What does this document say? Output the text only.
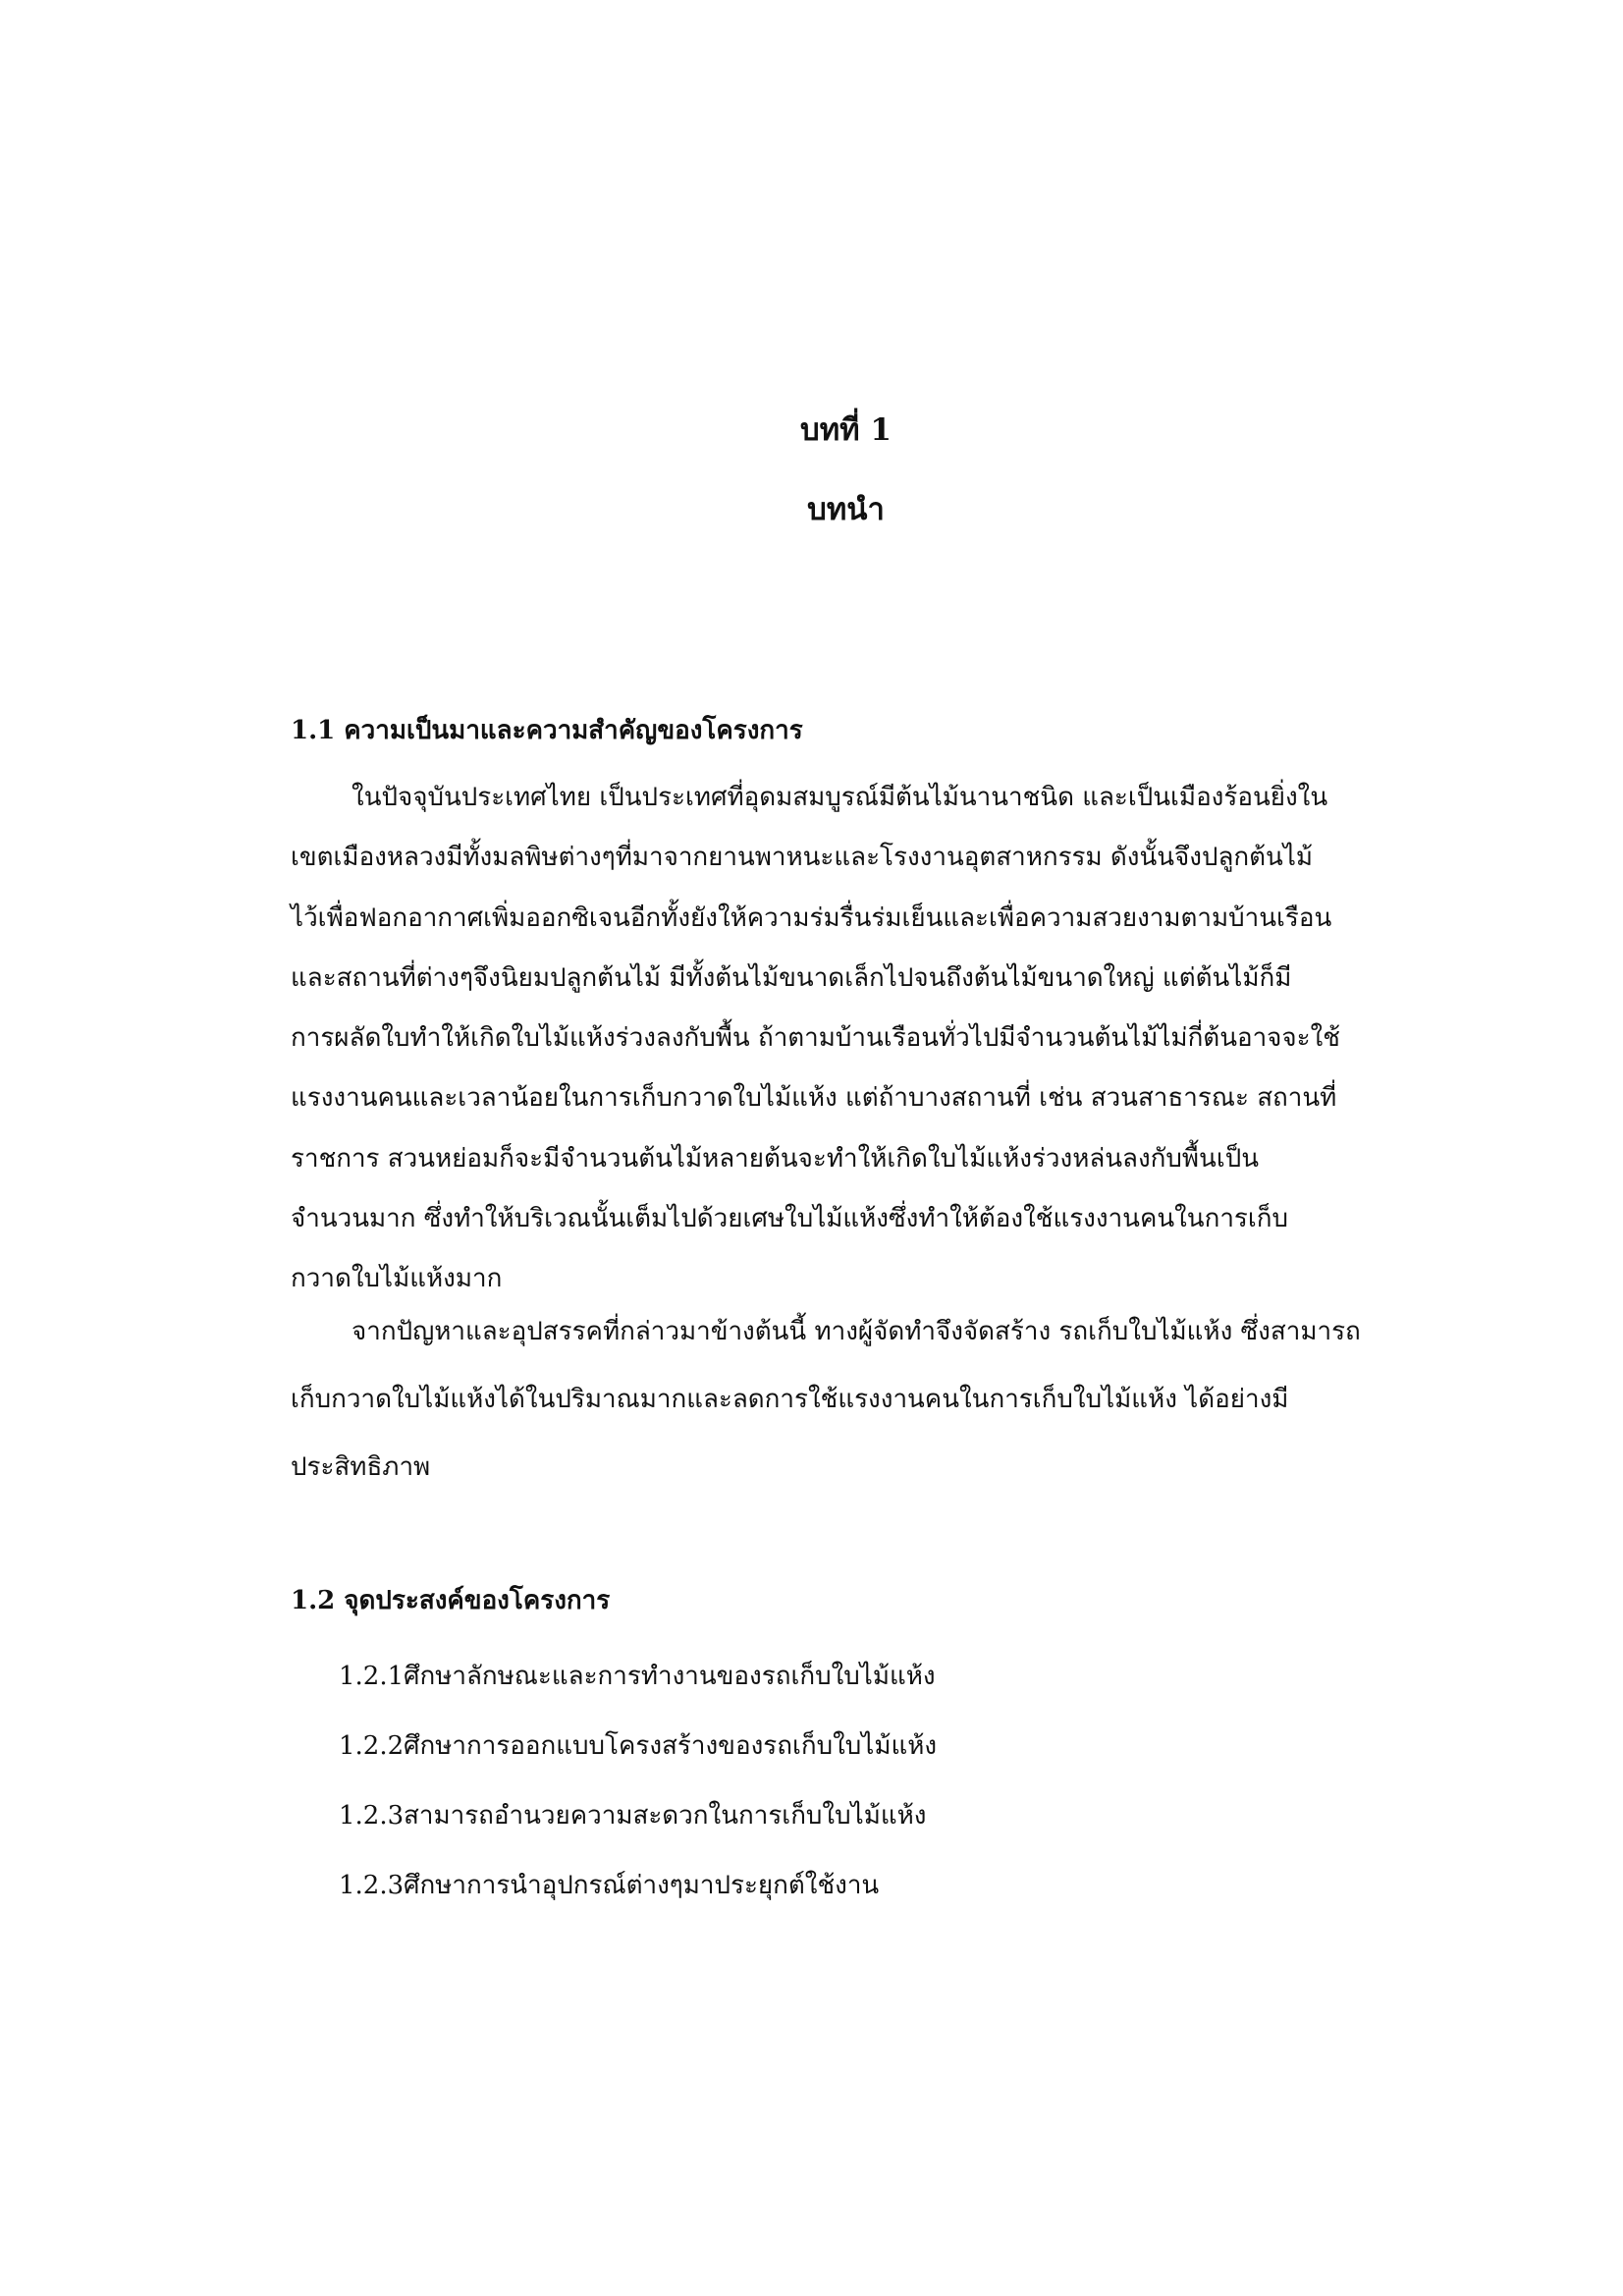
บทที่ 1
บทนำ
1.1 ความเป็นมาและความสำคัญของโครงการ
ในปัจจุบันประเทศไทย เป็นประเทศที่อุดมสมบูรณ์มีต้นไม้นานาชนิด และเป็นเมืองร้อนยิ่งใน
เขตเมืองหลวงมีทั้งมลพิษต่างๆที่มาจากยานพาหนะและโรงงานอุตสาหกรรม ดังนั้นจึงปลูกต้นไม้
ไว้เพื่อฟอกอากาศเพิ่มออกซิเจนอีกทั้งยังให้ความร่มรื่นร่มเย็นและเพื่อความสวยงามตามบ้านเรือน
และสถานที่ต่างๆจึงนิยมปลูกต้นไม้ มีทั้งต้นไม้ขนาดเล็กไปจนถึงต้นไม้ขนาดใหญ่ แต่ต้นไม้ก็มี
การผลัดใบทำให้เกิดใบไม้แห้งร่วงลงกับพื้น ถ้าตามบ้านเรือนทั่วไปมีจำนวนต้นไม้ไม่กี่ต้นอาจจะใช้
แรงงานคนและเวลาน้อยในการเก็บกวาดใบไม้แห้ง แต่ถ้าบางสถานที่ เช่น สวนสาธารณะ สถานที่
ราชการ สวนหย่อมก็จะมีจำนวนต้นไม้หลายต้นจะทำให้เกิดใบไม้แห้งร่วงหล่นลงกับพื้นเป็น
จำนวนมาก ซึ่งทำให้บริเวณนั้นเต็มไปด้วยเศษใบไม้แห้งซึ่งทำให้ต้องใช้แรงงานคนในการเก็บ
กวาดใบไม้แห้งมาก
จากปัญหาและอุปสรรคที่กล่าวมาข้างต้นนี้ ทางผู้จัดทำจึงจัดสร้าง รถเก็บใบไม้แห้ง ซึ่งสามารถ
เก็บกวาดใบไม้แห้งได้ในปริมาณมากและลดการใช้แรงงานคนในการเก็บใบไม้แห้ง ได้อย่างมี
ประสิทธิภาพ
1.2 จุดประสงค์ของโครงการ
1.2.1ศึกษาลักษณะและการทำงานของรถเก็บใบไม้แห้ง
1.2.2ศึกษาการออกแบบโครงสร้างของรถเก็บใบไม้แห้ง
1.2.3สามารถอำนวยความสะดวกในการเก็บใบไม้แห้ง
1.2.3ศึกษาการนำอุปกรณ์ต่างๆมาประยุกต์ใช้งาน
